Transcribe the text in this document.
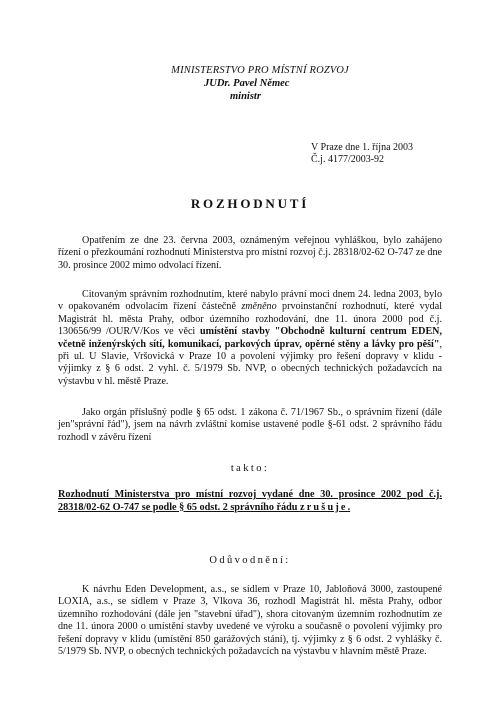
MINISTERSTVO PRO MÍSTNÍ ROZVOJ
JUDr. Pavel Němec
ministr
V Praze dne 1. října 2003
Č.j. 4177/2003-92
ROZHODNUTÍ

Opatřením ze dne 23. června 2003, oznámeným veřejnou vyhláškou, bylo zahájeno řízení o přezkoumání rozhodnutí Ministerstva pro místní rozvoj č.j. 28318/02-62 O-747 ze dne 30. prosince 2002 mimo odvolací řízení.

Citovaným správním rozhodnutím, které nabylo právní moci dnem 24. ledna 2003, bylo v opakovaném odvolacím řízení částečně změněno prvoinstanční rozhodnutí, které vydal Magistrát hl. města Prahy, odbor územního rozhodování, dne 11. února 2000 pod č.j. 130656/99 /OUR/V/Kos ve věci umístění stavby "Obchodně kulturní centrum EDEN, včetně inženýrských sítí, komunikací, parkových úprav, opěrné stěny a lávky pro pěší", při ul. U Slavie, Vršovická v Praze 10 a povolení výjimky pro řešení dopravy v klidu - výjimky z § 6 odst. 2 vyhl. č. 5/1979 Sb. NVP, o obecných technických požadavcích na výstavbu v hl. městě Praze.

Jako orgán příslušný podle § 65 odst. 1 zákona č. 71/1967 Sb., o správním řízení (dále jen"správní řád"), jsem na návrh zvláštní komise ustavené podle §-61 odst. 2 správního řádu rozhodl v závěru řízení

takto:
Rozhodnutí Ministerstva pro místní rozvoj vydané dne 30. prosince 2002 pod č.j. 28318/02-62 O-747 se podle § 65 odst. 2 správního řádu zrušuje.
Odůvodnění:

K návrhu Eden Development, a.s., se sídlem v Praze 10, Jabloňová 3000, zastoupené LOXIA, a.s., se sídlem v Praze 3, Vlkova 36, rozhodl Magistrát hl. města Prahy, odbor územního rozhodování (dále jen "stavební úřad"), shora citovaným územním rozhodnutím ze dne 11. února 2000 o umístění stavby uvedené ve výroku a současně o povolení výjimky pro řešení dopravy v klidu (umístění 850 garážových stání), tj. výjimky z § 6 odst. 2 vyhlášky č. 5/1979 Sb. NVP, o obecných technických požadavcích na výstavbu v hlavním městě Praze.
